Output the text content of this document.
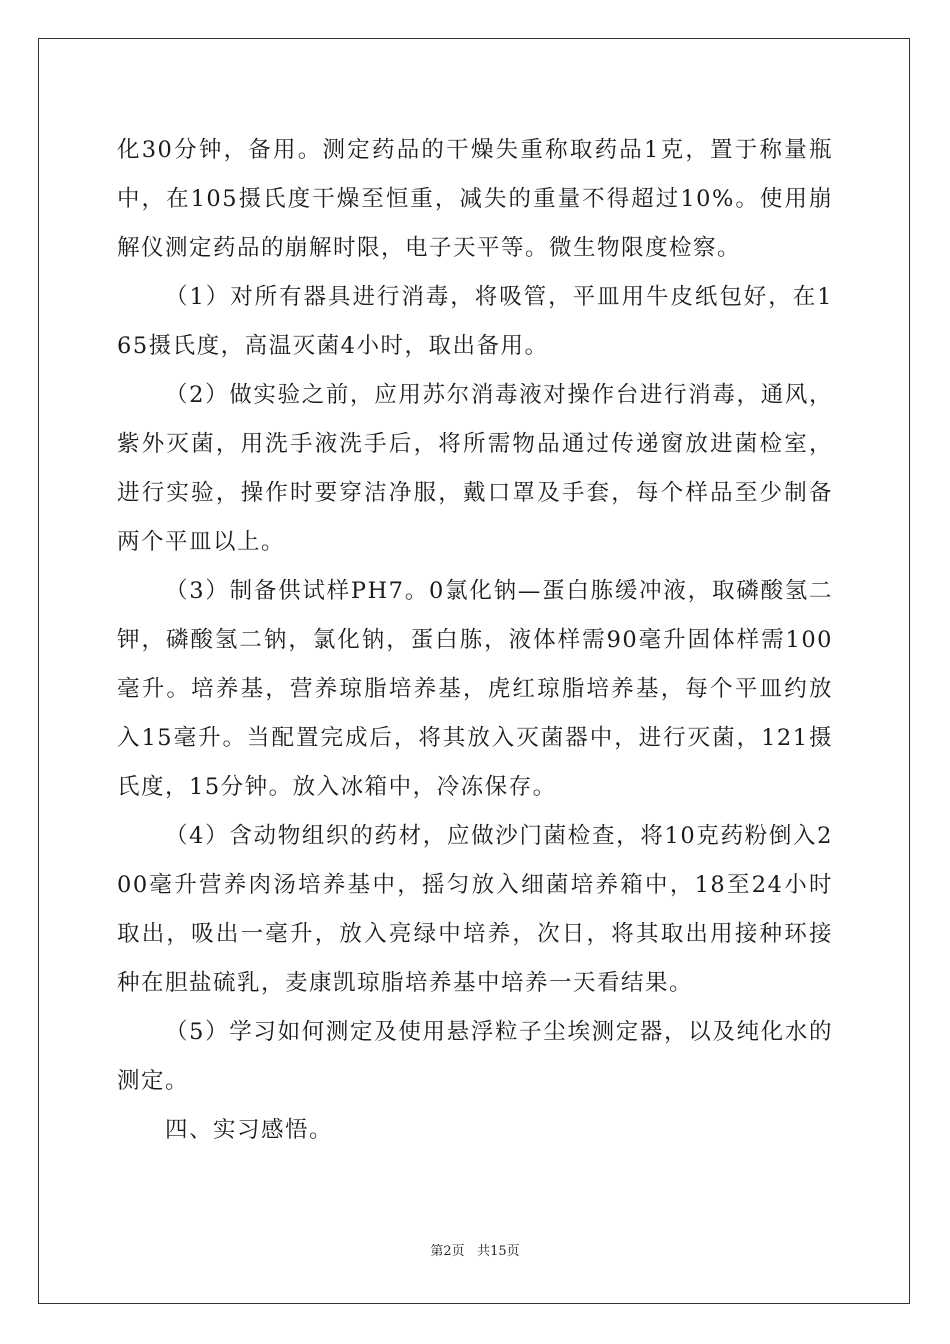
化30分钟，备用。测定药品的干燥失重称取药品1克，置于称量瓶中，在105摄氏度干燥至恒重，减失的重量不得超过10%。使用崩解仪测定药品的崩解时限，电子天平等。微生物限度检察。

（1）对所有器具进行消毒，将吸管，平皿用牛皮纸包好，在165摄氏度，高温灭菌4小时，取出备用。

（2）做实验之前，应用苏尔消毒液对操作台进行消毒，通风，紫外灭菌，用洗手液洗手后，将所需物品通过传递窗放进菌检室，进行实验，操作时要穿洁净服，戴口罩及手套，每个样品至少制备两个平皿以上。

（3）制备供试样PH7。0氯化钠—蛋白胨缓冲液，取磷酸氢二钾，磷酸氢二钠，氯化钠，蛋白胨，液体样需90毫升固体样需100毫升。培养基，营养琼脂培养基，虎红琼脂培养基，每个平皿约放入15毫升。当配置完成后，将其放入灭菌器中，进行灭菌，121摄氏度，15分钟。放入冰箱中，冷冻保存。

（4）含动物组织的药材，应做沙门菌检查，将10克药粉倒入200毫升营养肉汤培养基中，摇匀放入细菌培养箱中，18至24小时取出，吸出一毫升，放入亮绿中培养，次日，将其取出用接种环接种在胆盐硫乳，麦康凯琼脂培养基中培养一天看结果。

（5）学习如何测定及使用悬浮粒子尘埃测定器，以及纯化水的测定。

四、实习感悟。

第2页 共15页
